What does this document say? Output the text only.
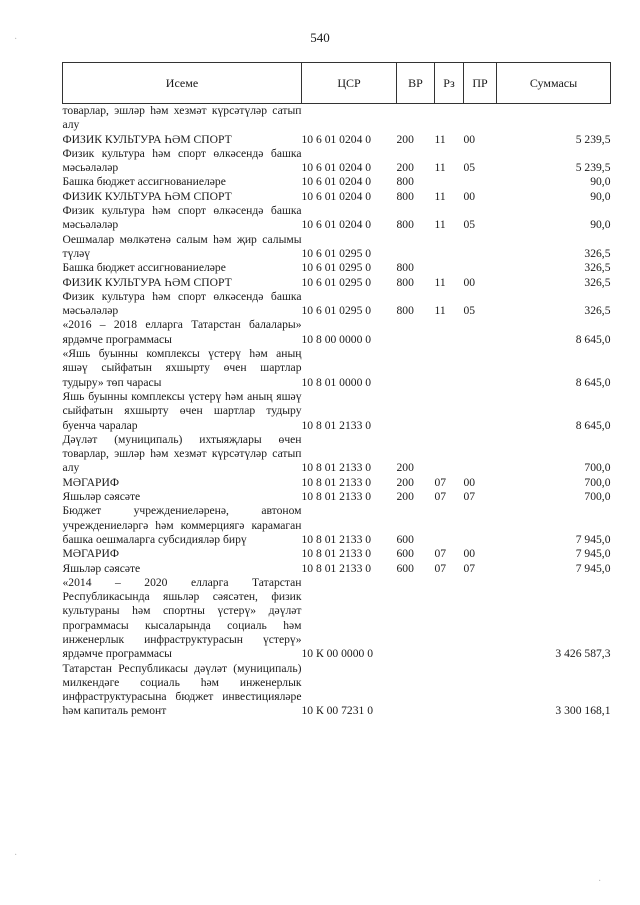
540
·
·
·
Исеме	ЦСР	ВР	Рз	ПР	Суммасы
товарлар, эшләр һәм хезмәт күрсәтүләр сатып алу					
ФИЗИК КУЛЬТУРА ҺӘМ СПОРТ	10 6 01 0204 0	200	11	00	5 239,5
Физик культура һәм спорт өлкәсендә башка мәсьәләләр	10 6 01 0204 0	200	11	05	5 239,5
Башка бюджет ассигнованиеләре	10 6 01 0204 0	800			90,0
ФИЗИК КУЛЬТУРА ҺӘМ СПОРТ	10 6 01 0204 0	800	11	00	90,0
Физик культура һәм спорт өлкәсендә башка мәсьәләләр	10 6 01 0204 0	800	11	05	90,0
Оешмалар мөлкәтенә салым һәм җир салымы түләү	10 6 01 0295 0				326,5
Башка бюджет ассигнованиеләре	10 6 01 0295 0	800			326,5
ФИЗИК КУЛЬТУРА ҺӘМ СПОРТ	10 6 01 0295 0	800	11	00	326,5
Физик культура һәм спорт өлкәсендә башка мәсьәләләр	10 6 01 0295 0	800	11	05	326,5
«2016 – 2018 елларга Татарстан балалары» ярдәмче программасы	10 8 00 0000 0				8 645,0
«Яшь буынны комплексы үстерү һәм аның яшәү сыйфатын яхшырту өчен шартлар тудыру» төп чарасы	10 8 01 0000 0				8 645,0
Яшь буынны комплексы үстерү һәм аның яшәү сыйфатын яхшырту өчен шартлар тудыру буенча чаралар	10 8 01 2133 0				8 645,0
Дәүләт (муниципаль) ихтыяҗлары өчен товарлар, эшләр һәм хезмәт күрсәтүләр сатып алу	10 8 01 2133 0	200			700,0
МӘГАРИФ	10 8 01 2133 0	200	07	00	700,0
Яшьләр сәясәте	10 8 01 2133 0	200	07	07	700,0
Бюджет учреждениеләренә, автоном учреждениеләргә һәм коммерциягә карамаган башка оешмаларга субсидияләр бирү	10 8 01 2133 0	600			7 945,0
МӘГАРИФ	10 8 01 2133 0	600	07	00	7 945,0
Яшьләр сәясәте	10 8 01 2133 0	600	07	07	7 945,0
«2014 – 2020 елларга Татарстан Республикасында яшьләр сәясәтен, физик культураны һәм спортны үстерү» дәүләт программасы кысаларында социаль һәм инженерлык инфраструктурасын үстерү» ярдәмче программасы	10 К 00 0000 0				3 426 587,3
Татарстан Республикасы дәүләт (муниципаль) милкендәге социаль һәм инженерлык инфраструктурасына бюджет инвестицияләре һәм капиталь ремонт	10 К 00 7231 0				3 300 168,1
